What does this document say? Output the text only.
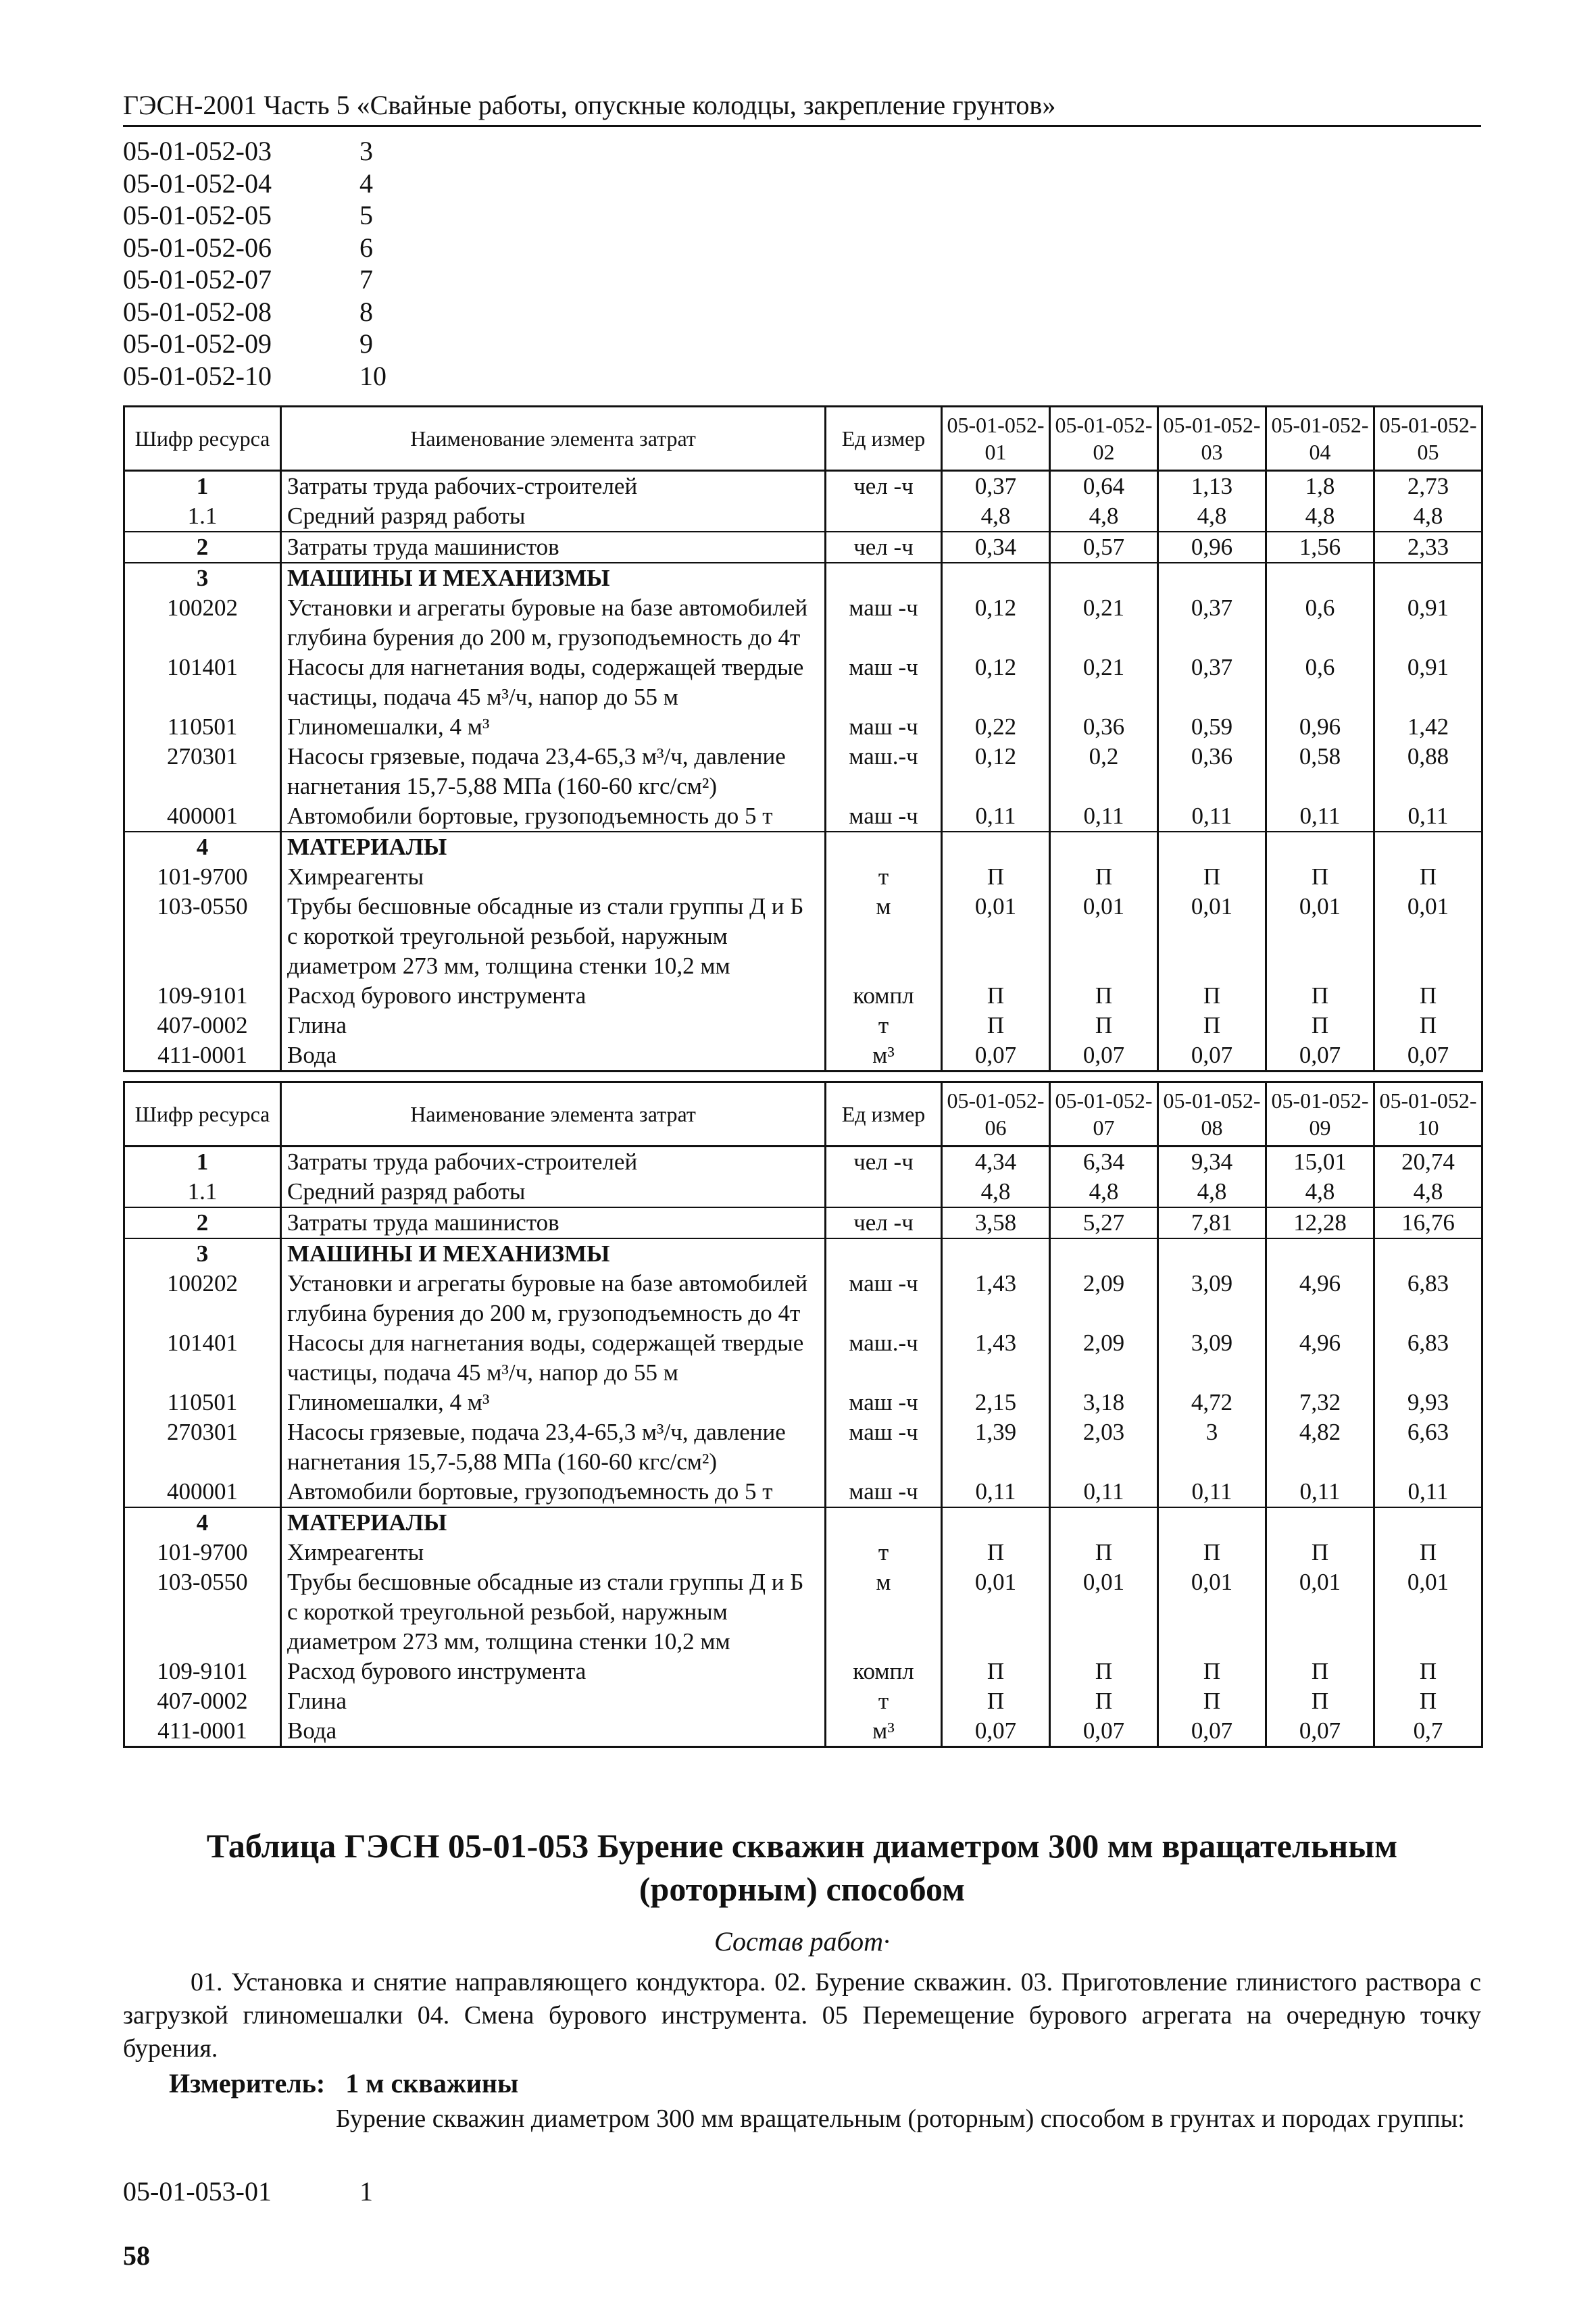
ГЭСН-2001 Часть 5 «Свайные работы, опускные колодцы, закрепление грунтов»
05-01-052-03	3
05-01-052-04	4
05-01-052-05	5
05-01-052-06	6
05-01-052-07	7
05-01-052-08	8
05-01-052-09	9
05-01-052-10	10
Шифр ресурса	Наименование элемента затрат	Ед измер	05-01-052-01	05-01-052-02	05-01-052-03	05-01-052-04	05-01-052-05
1	Затраты труда рабочих-строителей	чел -ч	0,37	0,64	1,13	1,8	2,73
1.1	Средний разряд работы		4,8	4,8	4,8	4,8	4,8
2	Затраты труда машинистов	чел -ч	0,34	0,57	0,96	1,56	2,33
3	МАШИНЫ И МЕХАНИЗМЫ						
100202	Установки и агрегаты буровые на базе автомобилей глубина бурения до 200 м, грузоподъемность до 4т	маш -ч	0,12	0,21	0,37	0,6	0,91
101401	Насосы для нагнетания воды, содержащей твердые частицы, подача 45 м³/ч, напор до 55 м	маш -ч	0,12	0,21	0,37	0,6	0,91
110501	Глиномешалки, 4 м³	маш -ч	0,22	0,36	0,59	0,96	1,42
270301	Насосы грязевые, подача 23,4-65,3 м³/ч, давление нагнетания 15,7-5,88 МПа (160-60 кгс/см²)	маш.-ч	0,12	0,2	0,36	0,58	0,88
400001	Автомобили бортовые, грузоподъемность до 5 т	маш -ч	0,11	0,11	0,11	0,11	0,11
4	МАТЕРИАЛЫ						
101-9700	Химреагенты	т	П	П	П	П	П
103-0550	Трубы бесшовные обсадные из стали группы Д и Б с короткой треугольной резьбой, наружным диаметром 273 мм, толщина стенки 10,2 мм	м	0,01	0,01	0,01	0,01	0,01
109-9101	Расход бурового инструмента	компл	П	П	П	П	П
407-0002	Глина	т	П	П	П	П	П
411-0001	Вода	м³	0,07	0,07	0,07	0,07	0,07
Шифр ресурса	Наименование элемента затрат	Ед измер	05-01-052-06	05-01-052-07	05-01-052-08	05-01-052-09	05-01-052-10
1	Затраты труда рабочих-строителей	чел -ч	4,34	6,34	9,34	15,01	20,74
1.1	Средний разряд работы		4,8	4,8	4,8	4,8	4,8
2	Затраты труда машинистов	чел -ч	3,58	5,27	7,81	12,28	16,76
3	МАШИНЫ И МЕХАНИЗМЫ						
100202	Установки и агрегаты буровые на базе автомобилей глубина бурения до 200 м, грузоподъемность до 4т	маш -ч	1,43	2,09	3,09	4,96	6,83
101401	Насосы для нагнетания воды, содержащей твердые частицы, подача 45 м³/ч, напор до 55 м	маш.-ч	1,43	2,09	3,09	4,96	6,83
110501	Глиномешалки, 4 м³	маш -ч	2,15	3,18	4,72	7,32	9,93
270301	Насосы грязевые, подача 23,4-65,3 м³/ч, давление нагнетания 15,7-5,88 МПа (160-60 кгс/см²)	маш -ч	1,39	2,03	3	4,82	6,63
400001	Автомобили бортовые, грузоподъемность до 5 т	маш -ч	0,11	0,11	0,11	0,11	0,11
4	МАТЕРИАЛЫ						
101-9700	Химреагенты	т	П	П	П	П	П
103-0550	Трубы бесшовные обсадные из стали группы Д и Б с короткой треугольной резьбой, наружным диаметром 273 мм, толщина стенки 10,2 мм	м	0,01	0,01	0,01	0,01	0,01
109-9101	Расход бурового инструмента	компл	П	П	П	П	П
407-0002	Глина	т	П	П	П	П	П
411-0001	Вода	м³	0,07	0,07	0,07	0,07	0,7
Таблица ГЭСН 05-01-053 Бурение скважин диаметром 300 мм вращательным (роторным) способом
Состав работ·
01. Установка и снятие направляющего кондуктора. 02. Бурение скважин. 03. Приготовление глинистого раствора с загрузкой глиномешалки 04. Смена бурового инструмента. 05 Перемещение бурового агрегата на очередную точку бурения.
Измеритель: 1 м скважины
Бурение скважин диаметром 300 мм вращательным (роторным) способом в грунтах и породах группы:
05-01-053-01	1
58
